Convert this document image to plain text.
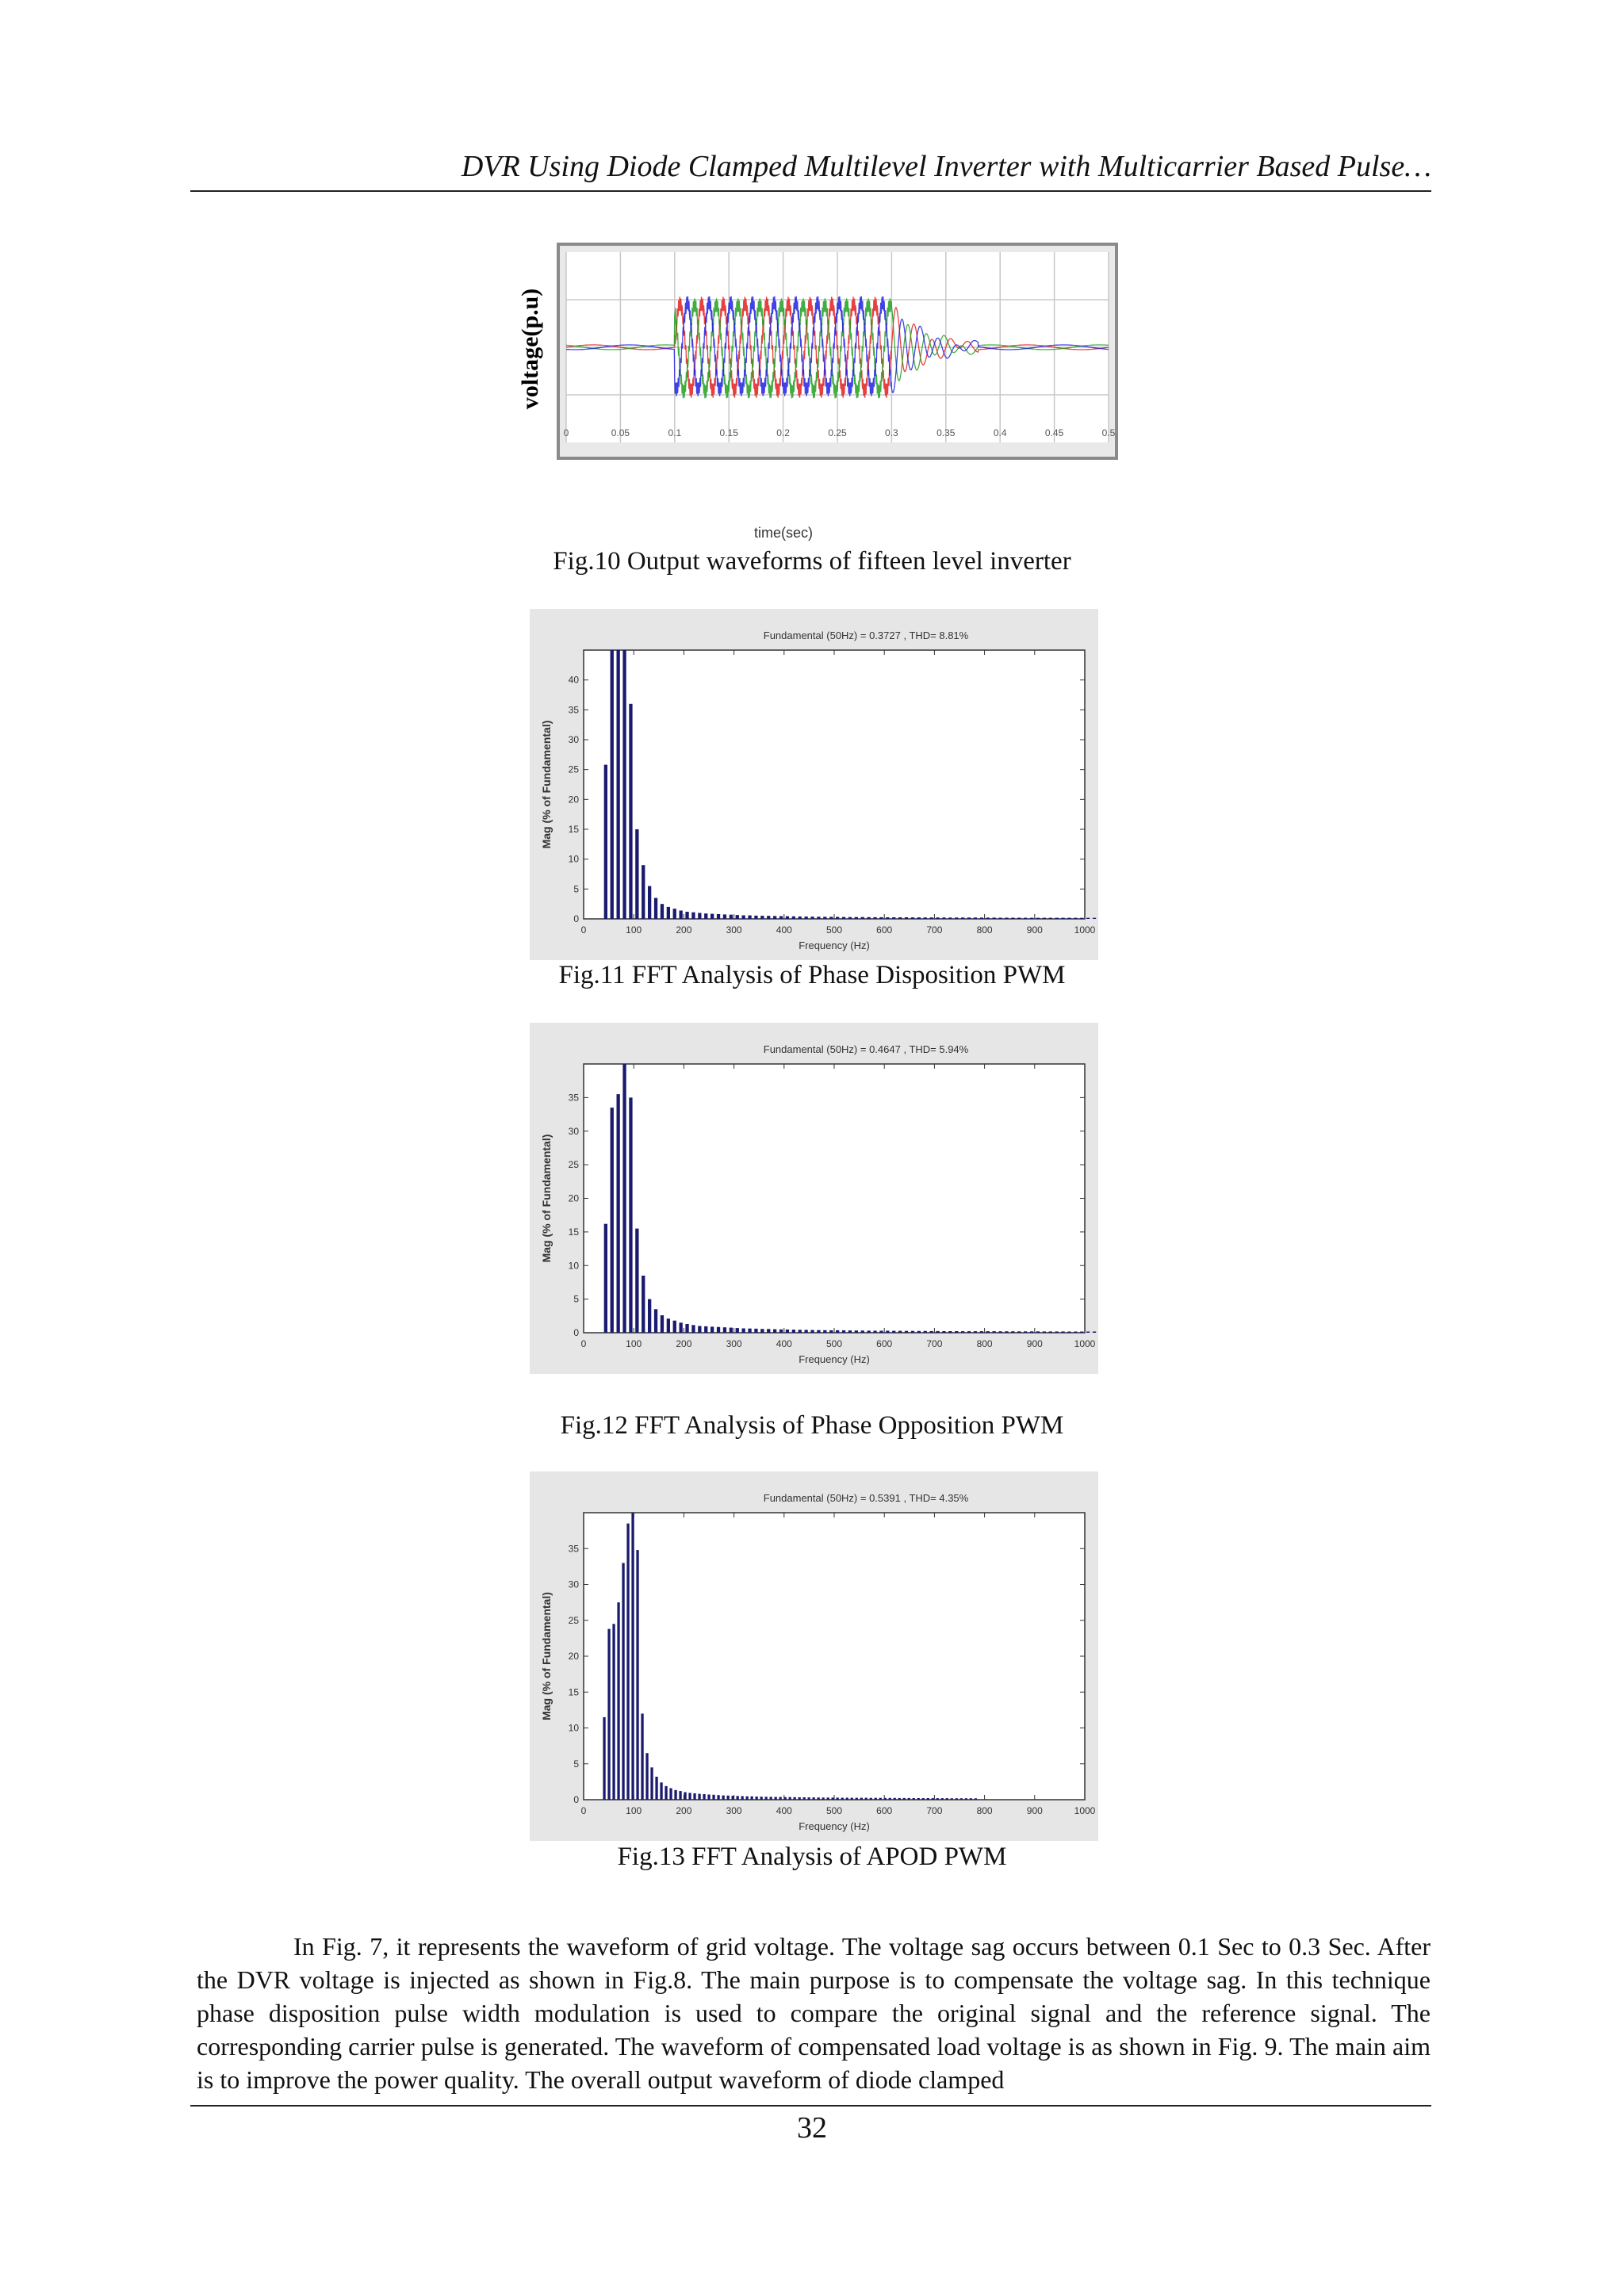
DVR Using Diode Clamped Multilevel Inverter with Multicarrier Based Pulse…
0	0.05	0.1	0.15	0.2	0.25	0.3	0.35	0.4	0.45	0.5
voltage(p.u)
time(sec)
Fig.10 Output waveforms of fifteen level inverter
Fundamental (50Hz) = 0.3727 , THD= 8.81%
0	100	200	300	400	500	600	700	800	900	1000
0
5
10
15
20
25
30
35
40
Frequency (Hz)
Mag (% of Fundamental)
Fig.11 FFT Analysis of Phase Disposition PWM
Fundamental (50Hz) = 0.4647 , THD= 5.94%
0	100	200	300	400	500	600	700	800	900	1000
0
5
10
15
20
25
30
35
Frequency (Hz)
Mag (% of Fundamental)
Fig.12 FFT Analysis of Phase Opposition PWM
Fundamental (50Hz) = 0.5391 , THD= 4.35%
0	100	200	300	400	500	600	700	800	900	1000
0
5
10
15
20
25
30
35
Frequency (Hz)
Mag (% of Fundamental)
Fig.13 FFT Analysis of APOD PWM

In Fig. 7, it represents the waveform of grid voltage. The voltage sag occurs between 0.1 Sec to 0.3 Sec. After the DVR voltage is injected as shown in Fig.8. The main purpose is to compensate the voltage sag. In this technique phase disposition pulse width modulation is used to compare the original signal and the reference signal. The corresponding carrier pulse is generated. The waveform of compensated load voltage is as shown in Fig. 9. The main aim is to improve the power quality. The overall output waveform of diode clamped

32
